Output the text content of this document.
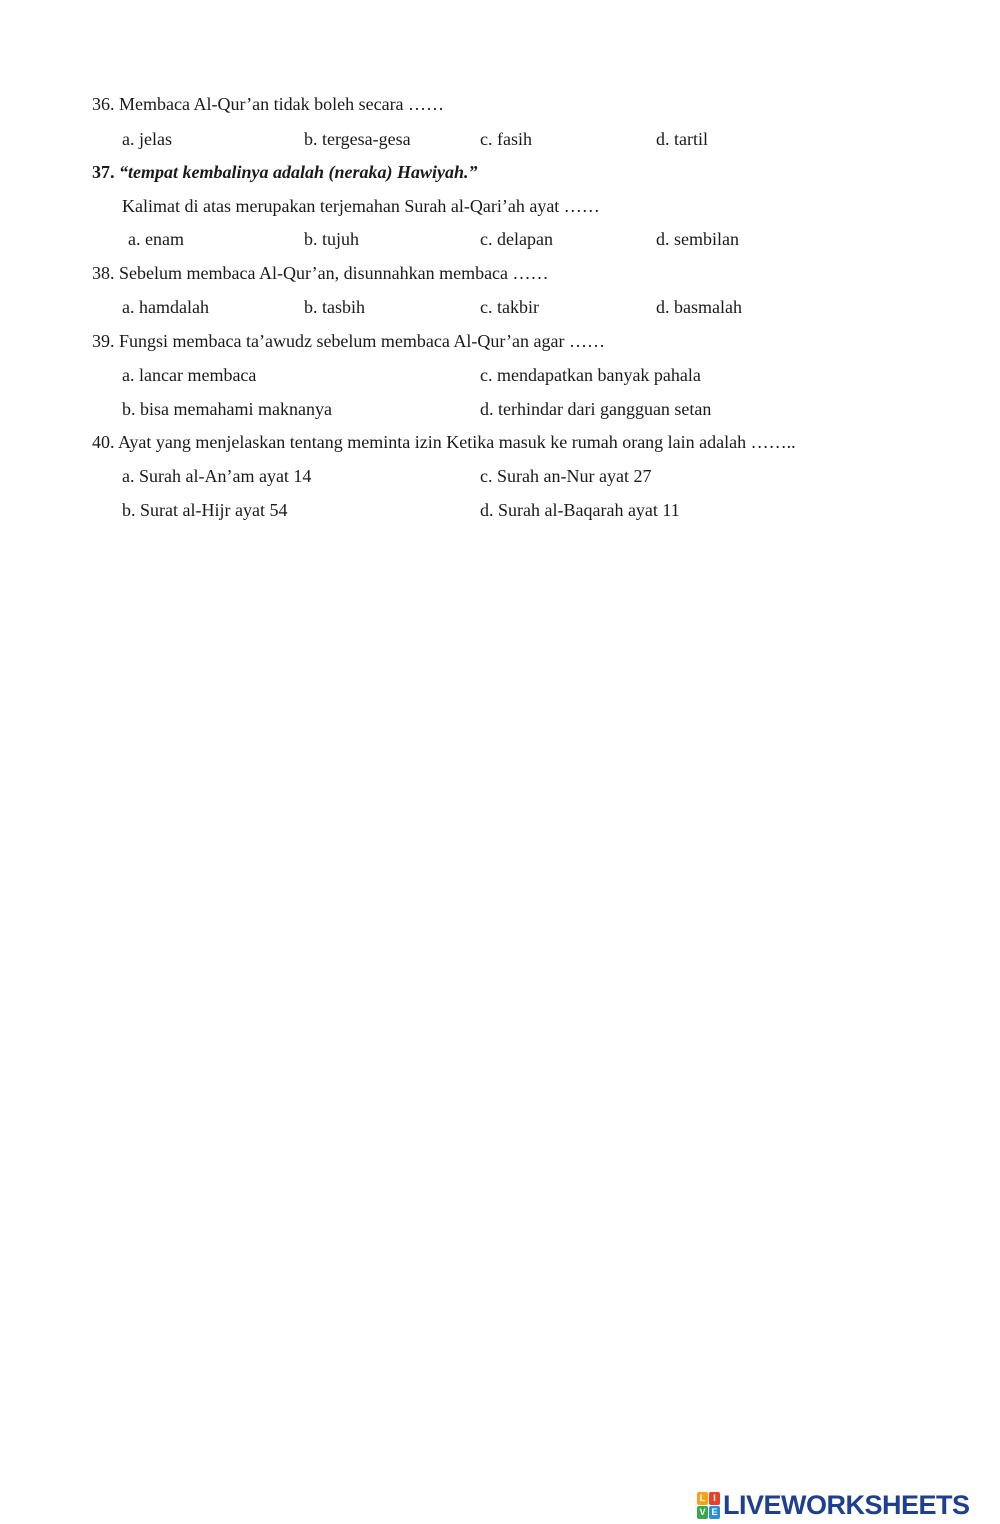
36. Membaca Al-Qur’an tidak boleh secara ……
a. jelas	b. tergesa-gesa	c. fasih	d. tartil
37. “tempat kembalinya adalah (neraka) Hawiyah.”
Kalimat di atas merupakan terjemahan Surah al-Qari’ah ayat ……
a. enam	b. tujuh	c. delapan	d. sembilan
38. Sebelum membaca Al-Qur’an, disunnahkan membaca ……
a. hamdalah	b. tasbih	c. takbir	d. basmalah
39. Fungsi membaca ta’awudz sebelum membaca Al-Qur’an agar ……
a. lancar membaca	c. mendapatkan banyak pahala
b. bisa memahami maknanya	d. terhindar dari gangguan setan
40. Ayat yang menjelaskan tentang meminta izin Ketika masuk ke rumah orang lain adalah ……..
a. Surah al-An’am ayat 14	c. Surah an-Nur ayat 27
b. Surat al-Hijr ayat 54	d. Surah al-Baqarah ayat 11
L I
V E LIVEWORKSHEETS
